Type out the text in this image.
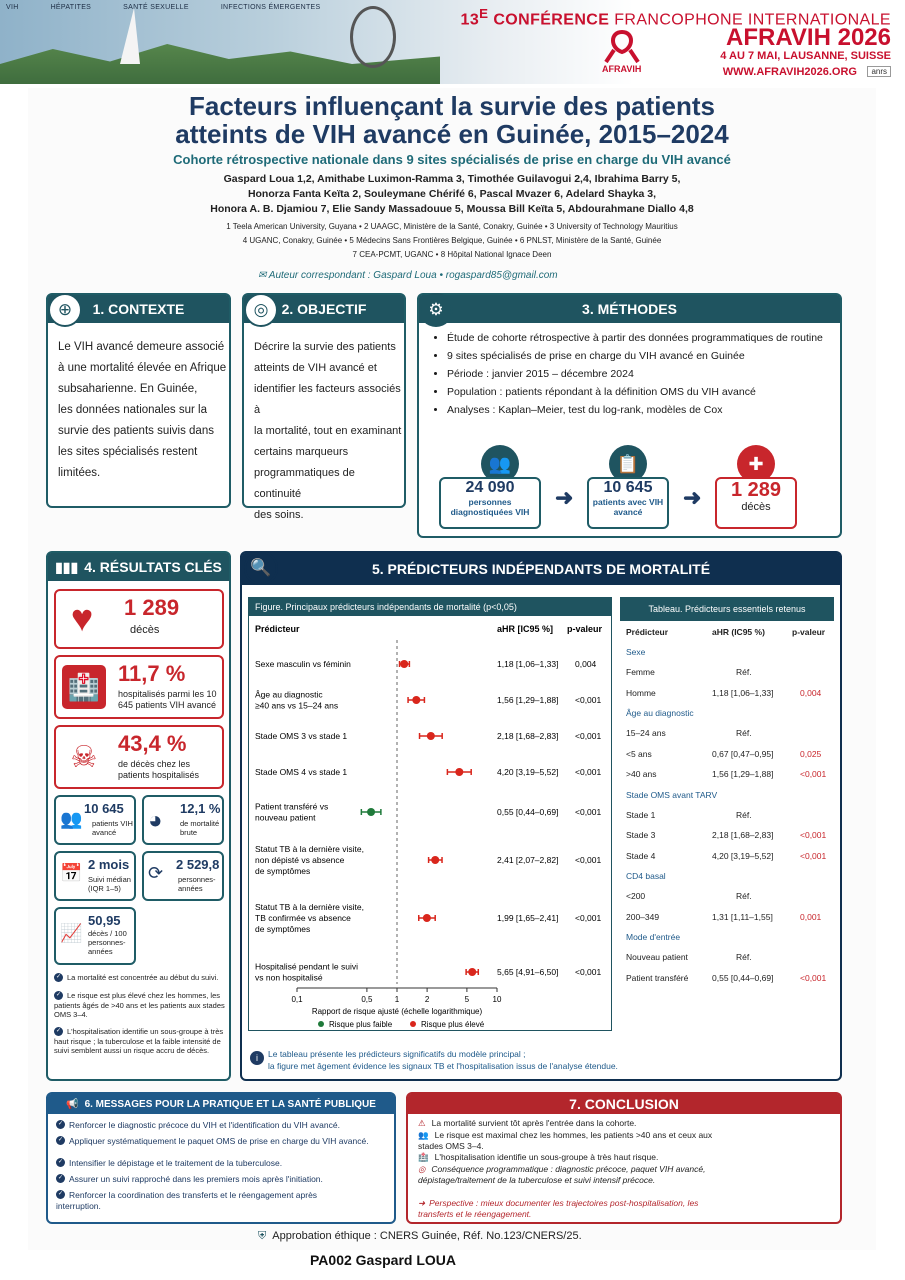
VIH	HÉPATITES	SANTÉ SEXUELLE	INFECTIONS ÉMERGENTES
AFRAVIH
$13^E$ CONFÉRENCE FRANCOPHONE INTERNATIONALE
AFRAVIH 2026
4 AU 7 MAI, LAUSANNE, SUISSE
WWW.AFRAVIH2026.ORG	anrs
Facteurs influençant la survie des patients
atteints de VIH avancé en Guinée, 2015–2024
Cohorte rétrospective nationale dans 9 sites spécialisés de prise en charge du VIH avancé
Gaspard Loua 1,2, Amithabe Luximon-Ramma 3, Timothée Guilavogui 2,4, Ibrahima Barry 5,
Honorza Fanta Keïta 2, Souleymane Chérifé 6, Pascal Mvazer 6, Adelard Shayka 3,
Honora A. B. Djamiou 7, Elie Sandy Massadouue 5, Moussa Bill Keïta 5, Abdourahmane Diallo 4,8
1 Teela American University, Guyana • 2 UAAGC, Ministère de la Santé, Conakry, Guinée • 3 University of Technology Mauritius
4 UGANC, Conakry, Guinée • 5 Médecins Sans Frontières Belgique, Guinée • 6 PNLST, Ministère de la Santé, Guinée
7 CEA-PCMT, UGANC • 8 Hôpital National Ignace Deen
✉ Auteur correspondant : Gaspard Loua • rogaspard85@gmail.com
1. CONTEXTE
Le VIH avancé demeure associé
à une mortalité élevée en Afrique
subsaharienne. En Guinée,
les données nationales sur la
survie des patients suivis dans
les sites spécialisés restent
limitées.
⊕	2. OBJECTIF
Décrire la survie des patients
atteints de VIH avancé et
identifier les facteurs associés à
la mortalité, tout en examinant
certains marqueurs
programmatiques de continuité
des soins.
◎	3. MÉTHODES
• Étude de cohorte rétrospective à partir des données programmatiques de routine
• 9 sites spécialisés de prise en charge du VIH avancé en Guinée
• Période : janvier 2015 – décembre 2024
• Population : patients répondant à la définition OMS du VIH avancé
• Analyses : Kaplan–Meier, test du log-rank, modèles de Cox
👥	📋	✚
24 090
personnes diagnostiquées VIH
➜	10 645
patients avec VIH avancé
➜	1 289
décès
⚙
▮▮▮ 4. RÉSULTATS CLÉS
♥	1 289
décès
🏥 11,7 %
hospitalisés parmi les 10 645 patients VIH avancé
☠ 43,4 %
de décès chez les patients hospitalisés
👥
10 645
patients VIH avancé	◕ 12,1 %
de mortalité brute
📅 2 mois
Suivi médian (IQR 1–5)
⟳ 2 529,8
personnes-années
📈
50,95
décès / 100 personnes-années
✓ La mortalité est concentrée au début du suivi.
✓ Le risque est plus élevé chez les hommes, les patients âgés de >40 ans et les patients aux stades OMS 3–4.
✓ L'hospitalisation identifie un sous-groupe à très haut risque ; la tuberculose et la faible intensité de suivi semblent aussi un risque accru de décès.
5. PRÉDICTEURS INDÉPENDANTS DE MORTALITÉ
🔍
Figure. Principaux prédicteurs indépendants de mortalité (p<0,05)
Prédicteur	aHR [IC95 %] p-valeur
Sexe masculin vs féminin	1,18 [1,06–1,33] 0,004
Âge au diagnostic
≥40 ans vs 15–24 ans
1,56 [1,29–1,88] <0,001
Stade OMS 3 vs stade 1	2,18 [1,68–2,83] <0,001
Stade OMS 4 vs stade 1	4,20 [3,19–5,52] <0,001
Patient transféré vs
nouveau patient
0,55 [0,44–0,69] <0,001
Statut TB à la dernière visite,
non dépisté vs absence
de symptômes
2,41 [2,07–2,82] <0,001
Statut TB à la dernière visite,
TB confirmée vs absence
de symptômes
1,99 [1,65–2,41] <0,001
Hospitalisé pendant le suivi
vs non hospitalisé
5,65 [4,91–6,50] <0,001
0,1	0,5	1	2	5	10
Rapport de risque ajusté (échelle logarithmique)
Risque plus faible	Risque plus élevé
Tableau. Prédicteurs essentiels retenus
Prédicteur	aHR (IC95 %)	p-valeur
Sexe
Femme	Réf.
Homme	1,18 [1,06–1,33]	0,004
Âge au diagnostic
15–24 ans	Réf.
<5 ans	0,67 [0,47–0,95]	0,025
>40 ans	1,56 [1,29–1,88]	<0,001
Stade OMS avant TARV
Stade 1	Réf.
Stade 3	2,18 [1,68–2,83]	<0,001
Stade 4	4,20 [3,19–5,52]	<0,001
CD4 basal
<200	Réf.
200–349	1,31 [1,11–1,55]	0,001
Mode d'entrée
Nouveau patient	Réf.
Patient transféré	0,55 [0,44–0,69]	<0,001
i Le tableau présente les prédicteurs significatifs du modèle principal ;
la figure met âgement évidence les signaux TB et l'hospitalisation issus de l'analyse étendue.
📢 6. MESSAGES POUR LA PRATIQUE ET LA SANTÉ PUBLIQUE
✓ Renforcer le diagnostic précoce du VIH et l'identification du VIH avancé.
✓ Appliquer systématiquement le paquet OMS de prise en charge du VIH avancé.
✓ Intensifier le dépistage et le traitement de la tuberculose.
✓ Assurer un suivi rapproché dans les premiers mois après l'initiation.
✓ Renforcer la coordination des transferts et le réengagement après interruption.
7. CONCLUSION
⚠ La mortalité survient tôt après l'entrée dans la cohorte.
👥 Le risque est maximal chez les hommes, les patients >40 ans et ceux aux stades OMS 3–4.
🏥 L'hospitalisation identifie un sous-groupe à très haut risque.
◎ Conséquence programmatique : diagnostic précoce, paquet VIH avancé, dépistage/traitement de la tuberculose et suivi intensif précoce.
➜ Perspective : mieux documenter les trajectoires post-hospitalisation, les transferts et le réengagement.
⛨ Approbation éthique : CNERS Guinée, Réf. No.123/CNERS/25.
PA002 Gaspard LOUA
